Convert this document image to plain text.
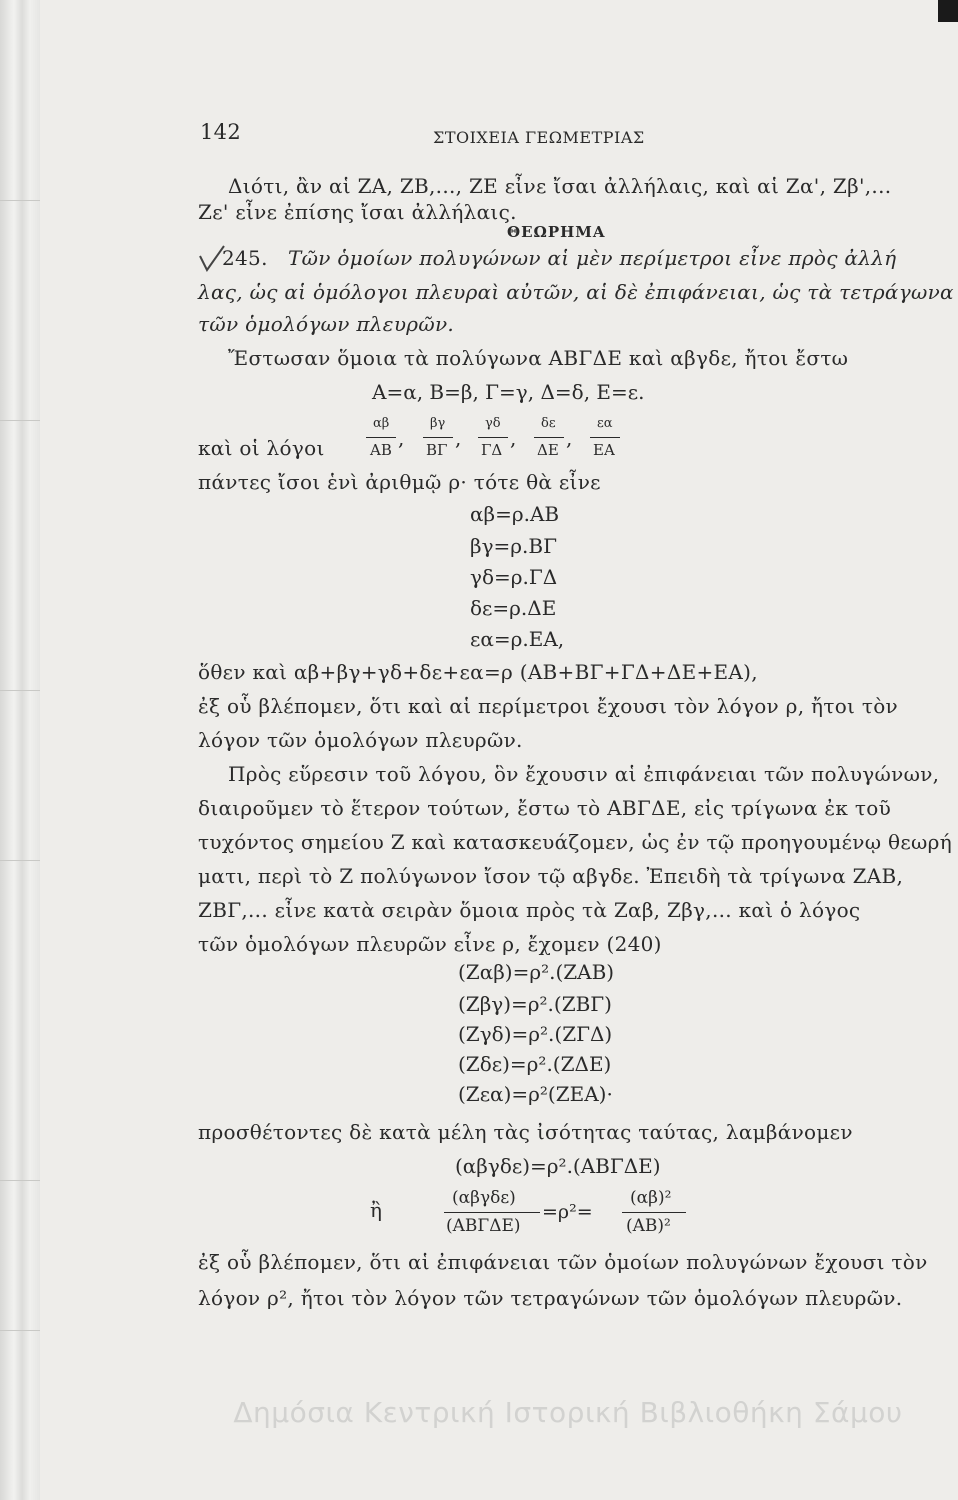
142	ΣΤΟΙΧΕΙΑ ΓΕΩΜΕΤΡΙΑΣ
Διότι, ἂν αἱ ZA, ZB,..., ZE εἶνε ἴσαι ἀλλήλαις, καὶ αἱ Zα', Zβ',...
Zε' εἶνε ἐπίσης ἴσαι ἀλλήλαις.
ΘΕΩΡΗΜΑ
245. Τῶν ὁμοίων πολυγώνων αἱ μὲν περίμετροι εἶνε πρὸς ἀλλή
λας, ὡς αἱ ὁμόλογοι πλευραὶ αὐτῶν, αἱ δὲ ἐπιφάνειαι, ὡς τὰ τετράγωνα
τῶν ὁμολόγων πλευρῶν.
Ἔστωσαν ὅμοια τὰ πολύγωνα ΑΒΓΔΕ καὶ αβγδε, ἤτοι ἔστω
A=α, B=β, Γ=γ, Δ=δ, E=ε.
καὶ οἱ λόγοι
αβ
AB ,
βγ
BΓ ,
γδ
ΓΔ ,
δε
ΔE ,
εα
EA
πάντες ἴσοι ἑνὶ ἀριθμῷ ρ· τότε θὰ εἶνε
αβ=ρ.AB
βγ=ρ.BΓ
γδ=ρ.ΓΔ
δε=ρ.ΔE
εα=ρ.EA,
ὅθεν καὶ αβ+βγ+γδ+δε+εα=ρ (AB+BΓ+ΓΔ+ΔE+EA),
ἐξ οὗ βλέπομεν, ὅτι καὶ αἱ περίμετροι ἔχουσι τὸν λόγον ρ, ἤτοι τὸν
λόγον τῶν ὁμολόγων πλευρῶν.
Πρὸς εὕρεσιν τοῦ λόγου, ὃν ἔχουσιν αἱ ἐπιφάνειαι τῶν πολυγώνων,
διαιροῦμεν τὸ ἕτερον τούτων, ἔστω τὸ ΑΒΓΔΕ, εἰς τρίγωνα ἐκ τοῦ
τυχόντος σημείου Z καὶ κατασκευάζομεν, ὡς ἐν τῷ προηγουμένῳ θεωρή
ματι, περὶ τὸ Z πολύγωνον ἴσον τῷ αβγδε. Ἐπειδὴ τὰ τρίγωνα ZAB,
ZBΓ,... εἶνε κατὰ σειρὰν ὅμοια πρὸς τὰ Zαβ, Zβγ,... καὶ ὁ λόγος
τῶν ὁμολόγων πλευρῶν εἶνε ρ, ἔχομεν (240)
(Zαβ)=ρ².(ZAB)
(Zβγ)=ρ².(ZBΓ)
(Zγδ)=ρ².(ZΓΔ)
(Zδε)=ρ².(ZΔE)
(Zεα)=ρ²(ZEA)·
προσθέτοντες δὲ κατὰ μέλη τὰς ἰσότητας ταύτας, λαμβάνομεν
(αβγδε)=ρ².(ΑΒΓΔΕ)
ἢ	(αβγδε)
(ΑΒΓΔΕ)
=ρ²=
(αβ)²
(AB)²
ἐξ οὗ βλέπομεν, ὅτι αἱ ἐπιφάνειαι τῶν ὁμοίων πολυγώνων ἔχουσι τὸν
λόγον ρ², ἤτοι τὸν λόγον τῶν τετραγώνων τῶν ὁμολόγων πλευρῶν.
Δημόσια Κεντρική Ιστορική Βιβλιοθήκη Σάμου
